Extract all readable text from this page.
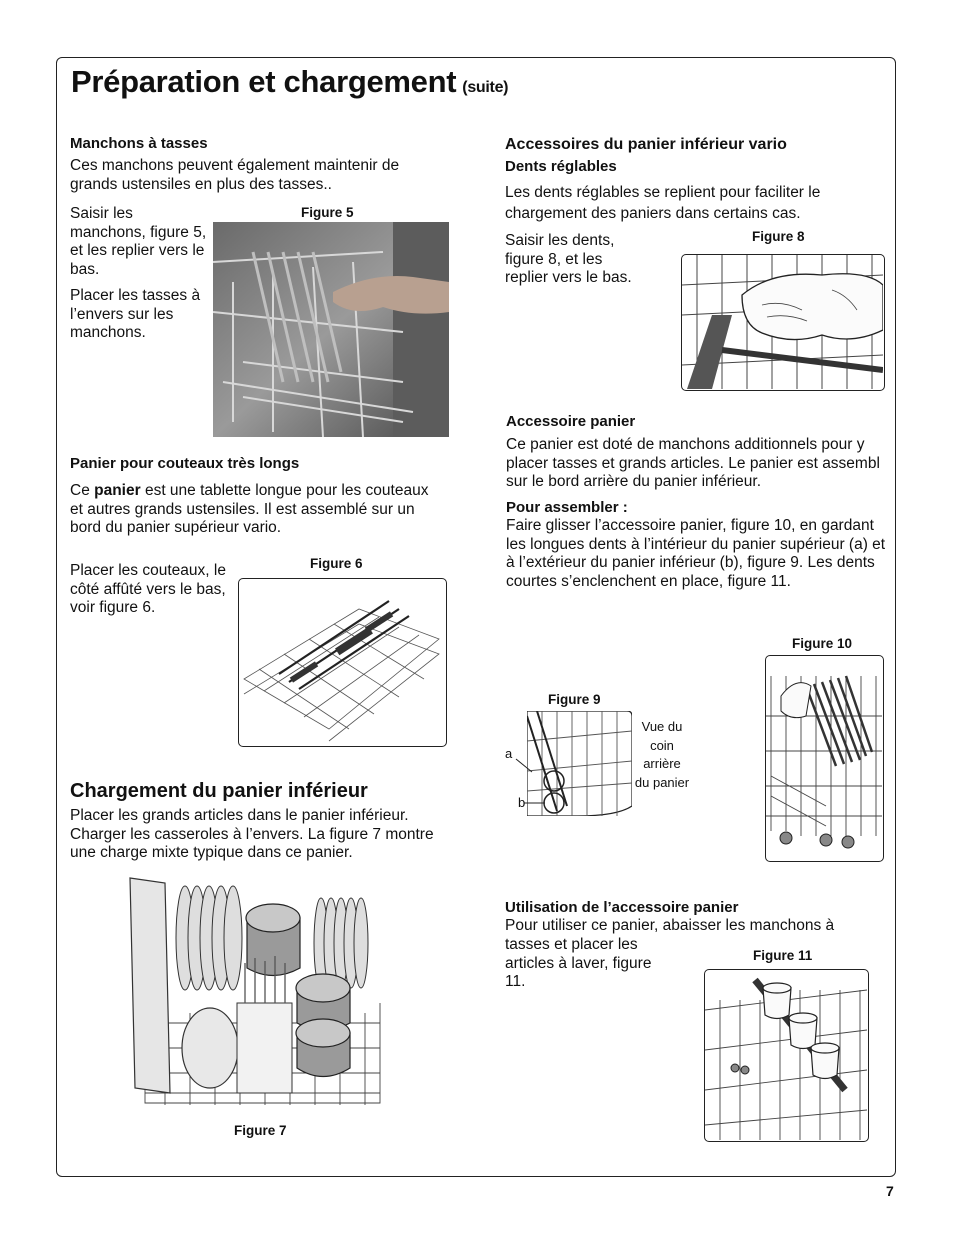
Préparation et chargement (suite)
Manchons à tasses
Ces manchons peuvent également maintenir de grands ustensiles en plus des tasses..
Saisir les manchons, figure 5, et les replier vers le bas.
Placer les tasses à l’envers sur les manchons.
Figure 5
Panier pour couteaux très longs
Ce panier est une tablette longue pour les couteaux et autres grands ustensiles. Il est assemblé sur un bord du panier supérieur vario.
Placer les couteaux, le côté affûté vers le bas, voir figure 6.
Figure 6
Chargement du panier inférieur
Placer les grands articles dans le panier inférieur. Charger les casseroles à l’envers. La figure 7 montre une charge mixte typique dans ce panier.
Figure 7
Accessoires du panier inférieur vario
Dents réglables
Les dents réglables se replient pour faciliter le chargement des paniers dans certains cas.
Saisir les dents, figure 8, et les replier vers le bas.
Figure 8
Accessoire panier
Ce panier est doté de manchons additionnels pour y placer tasses et grands articles. Le panier est assembl sur le bord arrière du panier inférieur.
Pour assembler :
Faire glisser l’accessoire panier, figure 10, en gardant les longues dents à l’intérieur du panier supérieur (a) et à l’extérieur du panier inférieur (b), figure 9. Les dents courtes s’enclenchent en place, figure 11.
Figure 10
Figure 9
a
b
Vue du
coin
arrière
du panier
Utilisation de l’accessoire panier
Pour utiliser ce panier, abaisser les manchons à
tasses et placer les articles à laver, figure 11.
Figure 11
7
